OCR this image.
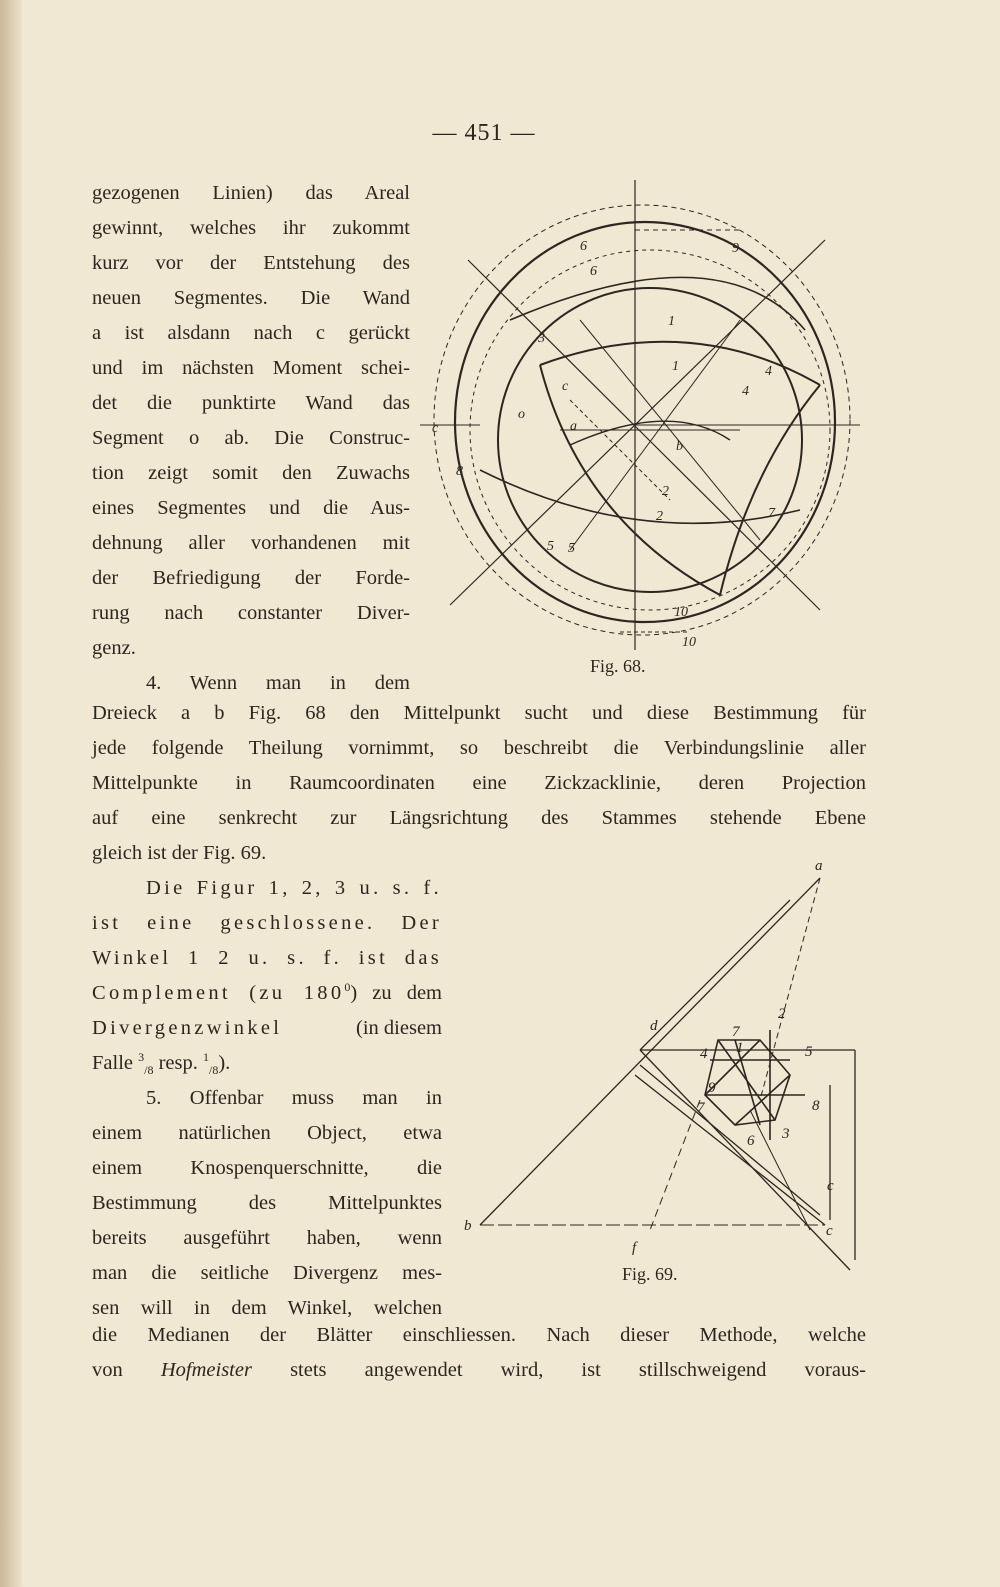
— 451 —
gezogenen Linien) das Areal
gewinnt, welches ihr zukommt
kurz vor der Entstehung des
neuen Segmentes. Die Wand
a ist alsdann nach c gerückt
und im nächsten Moment schei-
det die punktirte Wand das
Segment o ab. Die Construc-
tion zeigt somit den Zuwachs
eines Segmentes und die Aus-
dehnung aller vorhandenen mit
der Befriedigung der Forde-
rung nach constanter Diver-
genz.
4. Wenn man in dem
6
6
9
3
1
1
c	4
4
a
b
8
2
2	7
5 5
10
10
c
o
Fig. 68.
Dreieck a b Fig. 68 den Mittelpunkt sucht und diese Bestimmung für
jede folgende Theilung vornimmt, so beschreibt die Verbindungslinie aller
Mittelpunkte in Raumcoordinaten eine Zickzacklinie, deren Projection
auf eine senkrecht zur Längsrichtung des Stammes stehende Ebene
gleich ist der Fig. 69.
Die Figur 1, 2, 3 u. s. f.
ist eine geschlossene. Der
Winkel 1 2 u. s. f. ist das
Complement (zu $180^0$) zu dem
Divergenzwinkel	(in diesem
Falle $^3_{/8}$ resp. $^1_{/8}$).
5. Offenbar muss man in
einem natürlichen Object, etwa
einem Knospenquerschnitte, die
Bestimmung des Mittelpunktes
bereits ausgeführt haben, wenn
man die seitliche Divergenz mes-
sen will in dem Winkel, welchen
a
d
2
7
4 1	5
9
8
7
6 3
c
c
b
f
Fig. 69.
die Medianen der Blätter einschliessen. Nach dieser Methode, welche
von Hofmeister stets angewendet wird, ist stillschweigend voraus-
